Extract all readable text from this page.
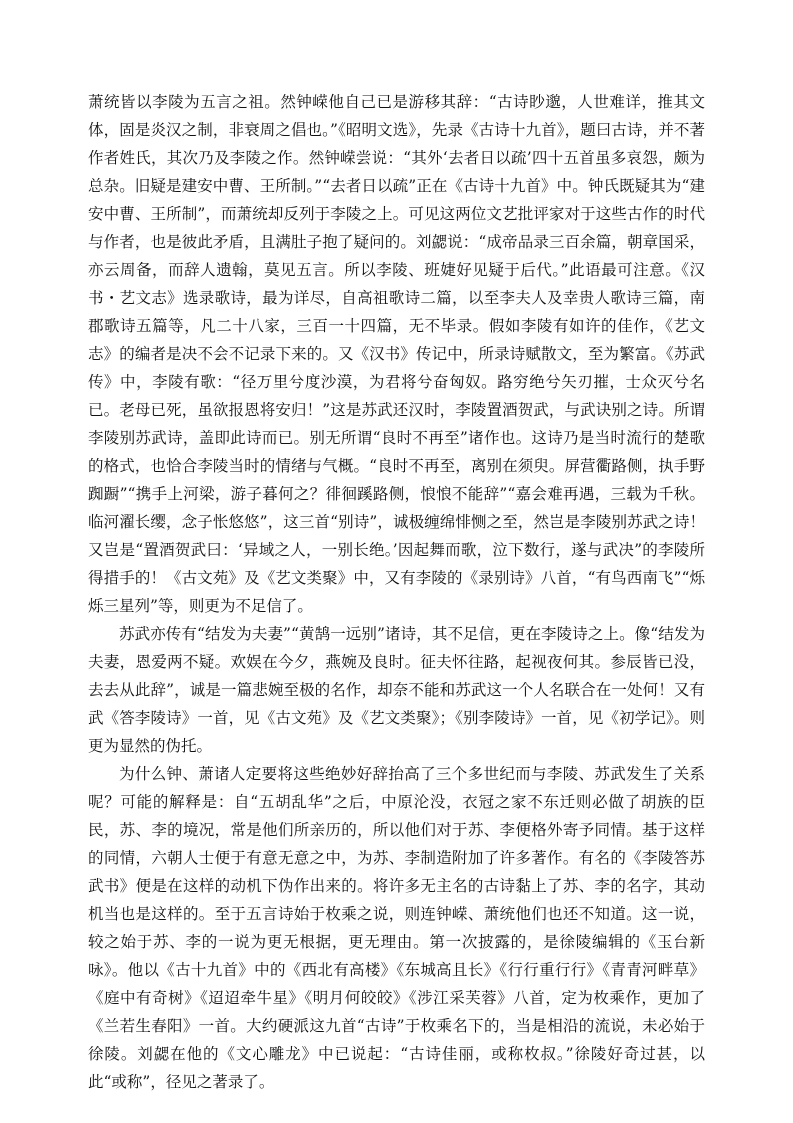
萧统皆以李陵为五言之祖。然钟嵘他自己已是游移其辞：“古诗眇邈，人世难详，推其文体，固是炎汉之制，非衰周之倡也。”《昭明文选》，先录《古诗十九首》，题曰古诗，并不著作者姓氏，其次乃及李陵之作。然钟嵘尝说：“其外‘去者日以疏’四十五首虽多哀怨，颇为总杂。旧疑是建安中曹、王所制。”“去者日以疏”正在《古诗十九首》中。钟氏既疑其为“建安中曹、王所制”，而萧统却反列于李陵之上。可见这两位文艺批评家对于这些古作的时代与作者，也是彼此矛盾，且满肚子抱了疑问的。刘勰说：“成帝品录三百余篇，朝章国采，亦云周备，而辞人遗翰，莫见五言。所以李陵、班婕好见疑于后代。”此语最可注意。《汉书・艺文志》选录歌诗，最为详尽，自高祖歌诗二篇，以至李夫人及幸贵人歌诗三篇，南郡歌诗五篇等，凡二十八家，三百一十四篇，无不毕录。假如李陵有如许的佳作，《艺文志》的编者是决不会不记录下来的。又《汉书》传记中，所录诗赋散文，至为繁富。《苏武传》中，李陵有歌：“径万里兮度沙漠，为君将兮奋匈奴。路穷绝兮矢刃摧，士众灭兮名已。老母已死，虽欲报恩将安归！”这是苏武还汉时，李陵置酒贺武，与武诀别之诗。所谓李陵别苏武诗，盖即此诗而已。别无所谓“良时不再至”诸作也。这诗乃是当时流行的楚歌的格式，也恰合李陵当时的情绪与气概。“良时不再至，离别在须臾。屏营衢路侧，执手野踟蹰”“携手上河梁，游子暮何之？徘徊蹊路侧，悢悢不能辞”“嘉会难再遇，三载为千秋。临河濯长缨，念子怅悠悠”，这三首“别诗”，诚极缠绵悱恻之至，然岂是李陵别苏武之诗！又岂是“置酒贺武曰：‘异域之人，一别长绝。’因起舞而歌，泣下数行，遂与武决”的李陵所得措手的！《古文苑》及《艺文类聚》中，又有李陵的《录别诗》八首，“有鸟西南飞”“烁烁三星列”等，则更为不足信了。

苏武亦传有“结发为夫妻”“黄鹄一远别”诸诗，其不足信，更在李陵诗之上。像“结发为夫妻，恩爱两不疑。欢娱在今夕，燕婉及良时。征夫怀往路，起视夜何其。参辰皆已没，去去从此辞”，诚是一篇悲婉至极的名作，却奈不能和苏武这一个人名联合在一处何！又有武《答李陵诗》一首，见《古文苑》及《艺文类聚》；《别李陵诗》一首，见《初学记》。则更为显然的伪托。

为什么钟、萧诸人定要将这些绝妙好辞抬高了三个多世纪而与李陵、苏武发生了关系呢？可能的解释是：自“五胡乱华”之后，中原沦没，衣冠之家不东迁则必做了胡族的臣民，苏、李的境况，常是他们所亲历的，所以他们对于苏、李便格外寄予同情。基于这样的同情，六朝人士便于有意无意之中，为苏、李制造附加了许多著作。有名的《李陵答苏武书》便是在这样的动机下伪作出来的。将许多无主名的古诗黏上了苏、李的名字，其动机当也是这样的。至于五言诗始于枚乘之说，则连钟嵘、萧统他们也还不知道。这一说，较之始于苏、李的一说为更无根据，更无理由。第一次披露的，是徐陵编辑的《玉台新咏》。他以《古十九首》中的《西北有高楼》《东城高且长》《行行重行行》《青青河畔草》《庭中有奇树》《迢迢牵牛星》《明月何皎皎》《涉江采芙蓉》八首，定为枚乘作，更加了《兰若生春阳》一首。大约硬派这九首“古诗”于枚乘名下的，当是相沿的流说，未必始于徐陵。刘勰在他的《文心雕龙》中已说起：“古诗佳丽，或称枚叔。”徐陵好奇过甚，以此“或称”，径见之著录了。
